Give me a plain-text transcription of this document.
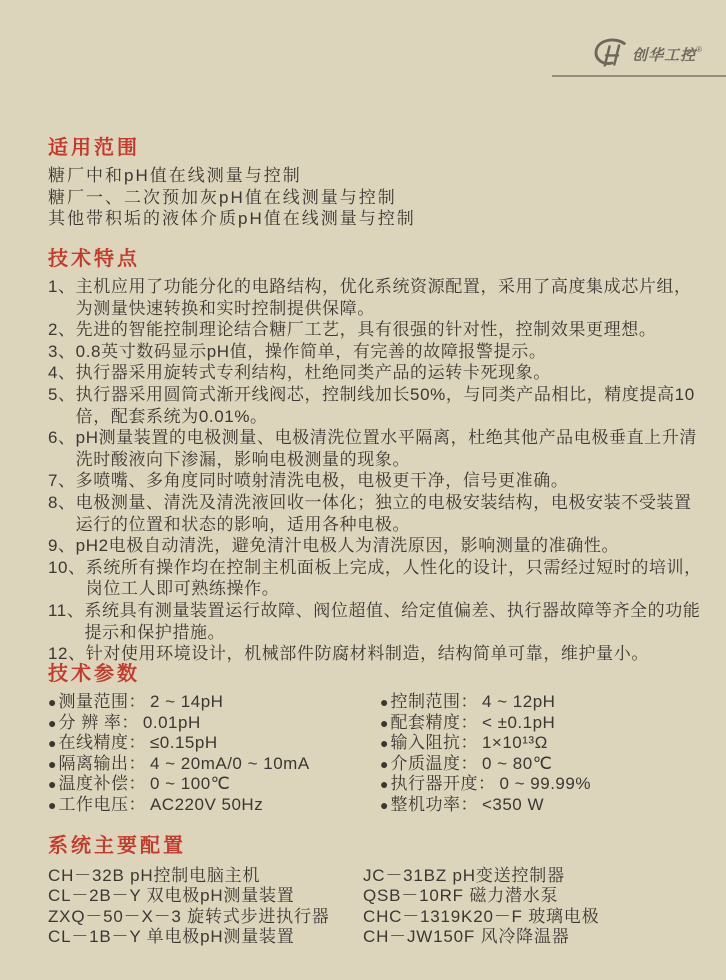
创华工控 ®
适用范围
糖厂中和pH值在线测量与控制
糖厂一、二次预加灰pH值在线测量与控制
其他带积垢的液体介质pH值在线测量与控制
技术特点
1、 主机应用了功能分化的电路结构，优化系统资源配置，采用了高度集成芯片组，为测量快速转换和实时控制提供保障。
2、 先进的智能控制理论结合糖厂工艺，具有很强的针对性，控制效果更理想。
3、 0.8英寸数码显示pH值，操作简单，有完善的故障报警提示。
4、 执行器采用旋转式专利结构，杜绝同类产品的运转卡死现象。
5、 执行器采用圆筒式渐开线阀芯，控制线加长50%，与同类产品相比，精度提高10倍，配套系统为0.01%。
6、 pH测量装置的电极测量、电极清洗位置水平隔离，杜绝其他产品电极垂直上升清洗时酸液向下渗漏，影响电极测量的现象。
7、 多喷嘴、多角度同时喷射清洗电极，电极更干净，信号更准确。
8、 电极测量、清洗及清洗液回收一体化；独立的电极安装结构，电极安装不受装置运行的位置和状态的影响，适用各种电极。
9、 pH2电极自动清洗，避免清汁电极人为清洗原因，影响测量的准确性。
10、 系统所有操作均在控制主机面板上完成，人性化的设计，只需经过短时的培训，岗位工人即可熟练操作。
11、 系统具有测量装置运行故障、阀位超值、给定值偏差、执行器故障等齐全的功能提示和保护措施。
12、 针对使用环境设计，机械部件防腐材料制造，结构简单可靠，维护量小。
技术参数
● 测量范围： 2 ~ 14pH
● 分 辨 率： 0.01pH
● 在线精度： ≤0.15pH
● 隔离输出： 4 ~ 20mA/0 ~ 10mA
● 温度补偿： 0 ~ 100℃
● 工作电压： AC220V 50Hz
● 控制范围： 4 ~ 12pH
● 配套精度： < ±0.1pH
● 输入阻抗： 1×10¹³Ω
● 介质温度： 0 ~ 80℃
● 执行器开度： 0 ~ 99.99%
● 整机功率： <350 W
系统主要配置
CH－32B pH控制电脑主机
CL－2B－Y 双电极pH测量装置
ZXQ－50－X－3 旋转式步进执行器
CL－1B－Y 单电极pH测量装置
JC－31BZ pH变送控制器
QSB－10RF 磁力潜水泵
CHC－1319K20－F 玻璃电极
CH－JW150F 风冷降温器
